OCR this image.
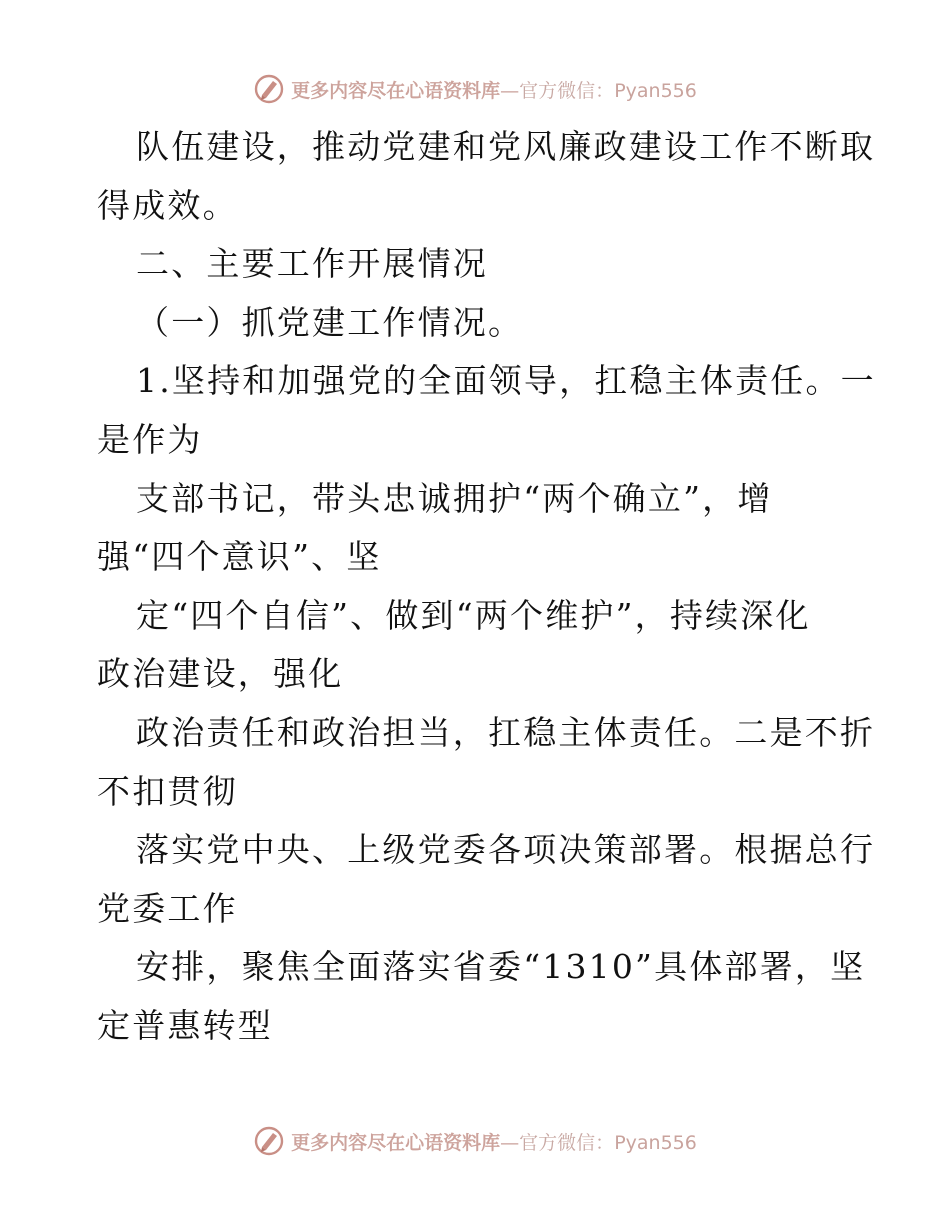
更多内容尽在心语资料库—官方微信：Pyan556
队伍建设，推动党建和党风廉政建设工作不断取
得成效。
二、主要工作开展情况
（一）抓党建工作情况。
1.坚持和加强党的全面领导，扛稳主体责任。一
是作为
支部书记，带头忠诚拥护“两个确立”，增
强“四个意识”、坚
定“四个自信”、做到“两个维护”，持续深化
政治建设，强化
政治责任和政治担当，扛稳主体责任。二是不折
不扣贯彻
落实党中央、上级党委各项决策部署。根据总行
党委工作
安排，聚焦全面落实省委“1310”具体部署，坚
定普惠转型
更多内容尽在心语资料库—官方微信：Pyan556
